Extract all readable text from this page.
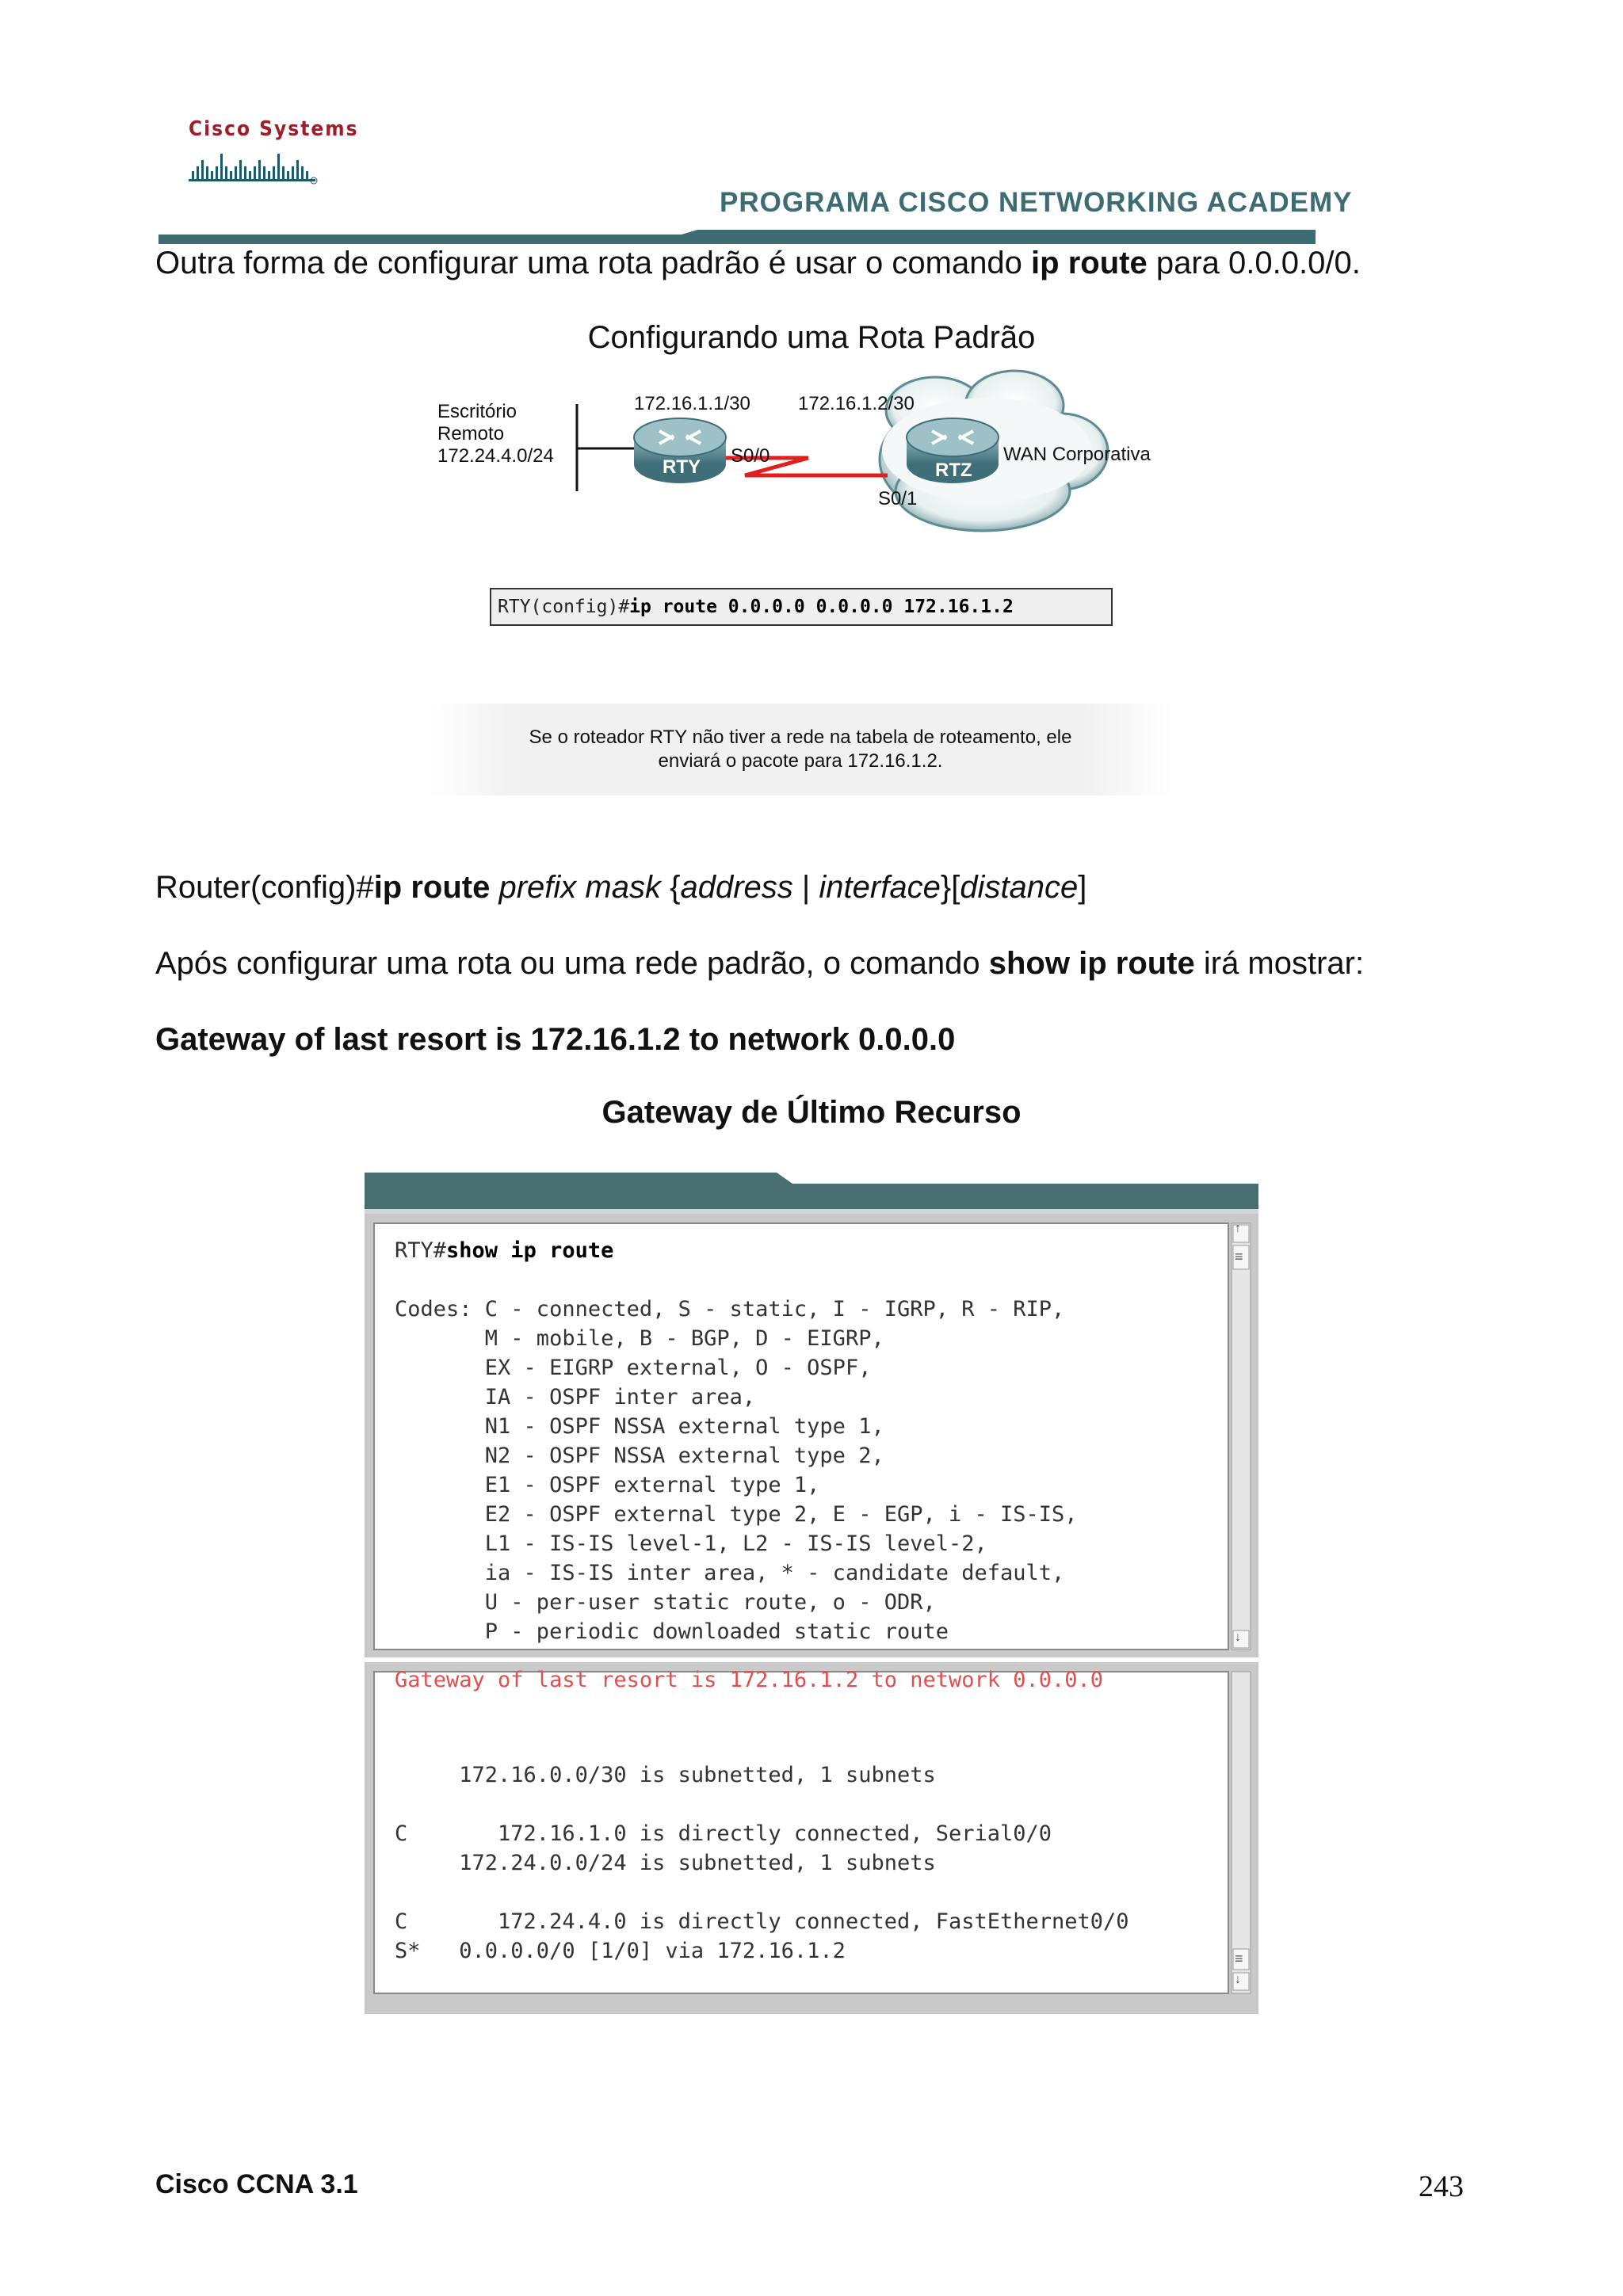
Cisco Systems
PROGRAMA CISCO NETWORKING ACADEMY
Outra forma de configurar uma rota padrão é usar o comando ip route para 0.0.0.0/0.
Configurando uma Rota Padrão
Escritório
Remoto
172.24.4.0/24
172.16.1.1/30	172.16.1.2/30
RTY	RTZ
S0/0
S0/1
WAN Corporativa
RTY(config)#ip route 0.0.0.0 0.0.0.0 172.16.1.2
Se o roteador RTY não tiver a rede na tabela de roteamento, ele
enviará o pacote para 172.16.1.2.
Router(config)#ip route prefix mask {address | interface}[distance]
Após configurar uma rota ou uma rede padrão, o comando show ip route irá mostrar:
Gateway of last resort is 172.16.1.2 to network 0.0.0.0
Gateway de Último Recurso
↑
≡
↓
≡
↓
RTY#show ip route
Codes: C - connected, S - static, I - IGRP, R - RIP,
M - mobile, B - BGP, D - EIGRP,
EX - EIGRP external, O - OSPF,
IA - OSPF inter area,
N1 - OSPF NSSA external type 1,
N2 - OSPF NSSA external type 2,
E1 - OSPF external type 1,
E2 - OSPF external type 2, E - EGP, i - IS-IS,
L1 - IS-IS level-1, L2 - IS-IS level-2,
ia - IS-IS inter area, * - candidate default,
U - per-user static route, o - ODR,
P - periodic downloaded static route
Gateway of last resort is 172.16.1.2 to network 0.0.0.0
172.16.0.0/30 is subnetted, 1 subnets

C       172.16.1.0 is directly connected, Serial0/0
172.24.0.0/24 is subnetted, 1 subnets

C       172.24.4.0 is directly connected, FastEthernet0/0
S*   0.0.0.0/0 [1/0] via 172.16.1.2
Cisco CCNA 3.1	243
